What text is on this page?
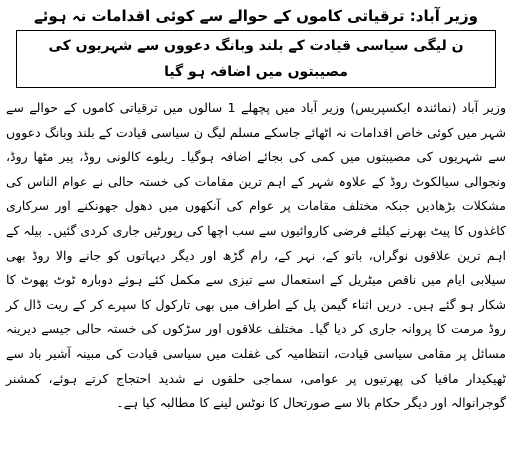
وزیر آباد: ترقیاتی کاموں کے حوالے سے کوئی اقدامات نہ ہوئے
ن لیگی سیاسی قیادت کے بلند وبانگ دعووں سے شہریوں کی مصیبتوں میں اضافہ ہو گیا

وزیر آباد (نمائندہ ایکسپریس) وزیر آباد میں پچھلے 1 سالوں میں ترقیاتی کاموں کے حوالے سے شہر میں کوئی خاص اقدامات نہ اٹھائے جاسکے مسلم لیگ ن سیاسی قیادت کے بلند وبانگ دعووں سے شہریوں کی مصیبتوں میں کمی کی بجائے اضافہ ہوگیا۔ ریلوے کالونی روڈ، پیر مٹھا روڈ، ونجوالی سیالکوٹ روڈ کے علاوہ شہر کے اہم ترین مقامات کی خستہ حالی نے عوام الناس کی مشکلات بڑھادیں جبکہ مختلف مقامات پر عوام کی آنکھوں میں دھول جھونکنے اور سرکاری کاغذوں کا پیٹ بھرنے کیلئے فرضی کاروائیوں سے سب اچھا کی رپورٹیں جاری کردی گئیں۔ بیلہ کے اہم ترین علاقوں نوگراں، باتو کے، نہر کے، رام گڑھ اور دیگر دیہاتوں کو جانے والا روڈ بھی سیلابی ایام میں ناقص میٹریل کے استعمال سے تیزی سے مکمل کئے ہوئے دوبارہ ٹوٹ پھوٹ کا شکار ہو گئے ہیں۔ دریں اثناء گیمن پل کے اطراف میں بھی تارکول کا سپرے کر کے ریت ڈال کر روڈ مرمت کا پروانہ جاری کر دیا گیا۔ مختلف علاقوں اور سڑکوں کی خستہ حالی جیسے دیرینہ مسائل پر مقامی سیاسی قیادت، انتظامیہ کی غفلت میں سیاسی قیادت کی مبینہ آشیر باد سے ٹھیکیدار مافیا کی پھرتیوں پر عوامی، سماجی حلقوں نے شدید احتجاج کرتے ہوئے، کمشنر گوجرانوالہ اور دیگر حکام بالا سے صورتحال کا نوٹس لینے کا مطالبہ کیا ہے۔
